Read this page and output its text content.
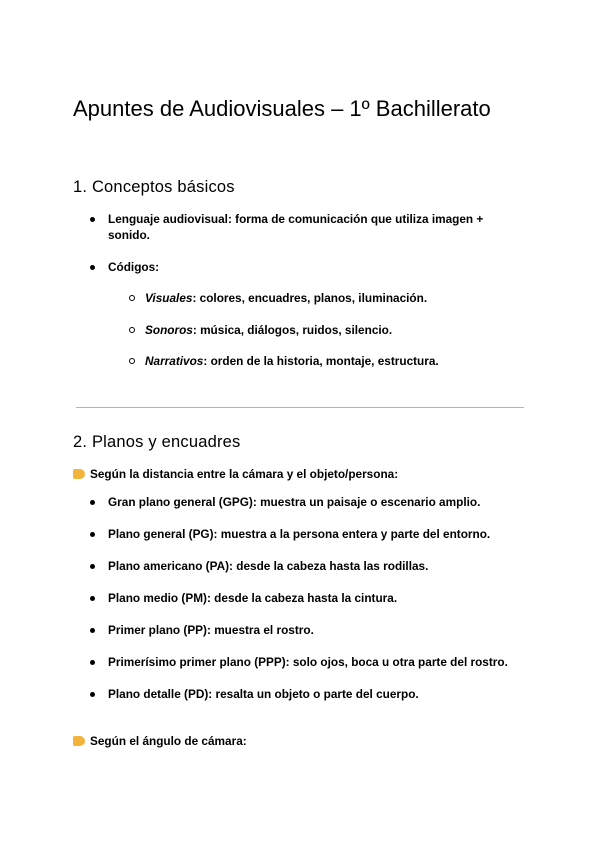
Apuntes de Audiovisuales – 1º Bachillerato
1. Conceptos básicos
Lenguaje audiovisual: forma de comunicación que utiliza imagen + sonido.
Códigos:
Visuales: colores, encuadres, planos, iluminación.
Sonoros: música, diálogos, ruidos, silencio.
Narrativos: orden de la historia, montaje, estructura.
2. Planos y encuadres
Según la distancia entre la cámara y el objeto/persona:
Gran plano general (GPG): muestra un paisaje o escenario amplio.
Plano general (PG): muestra a la persona entera y parte del entorno.
Plano americano (PA): desde la cabeza hasta las rodillas.
Plano medio (PM): desde la cabeza hasta la cintura.
Primer plano (PP): muestra el rostro.
Primerísimo primer plano (PPP): solo ojos, boca u otra parte del rostro.
Plano detalle (PD): resalta un objeto o parte del cuerpo.
Según el ángulo de cámara:
